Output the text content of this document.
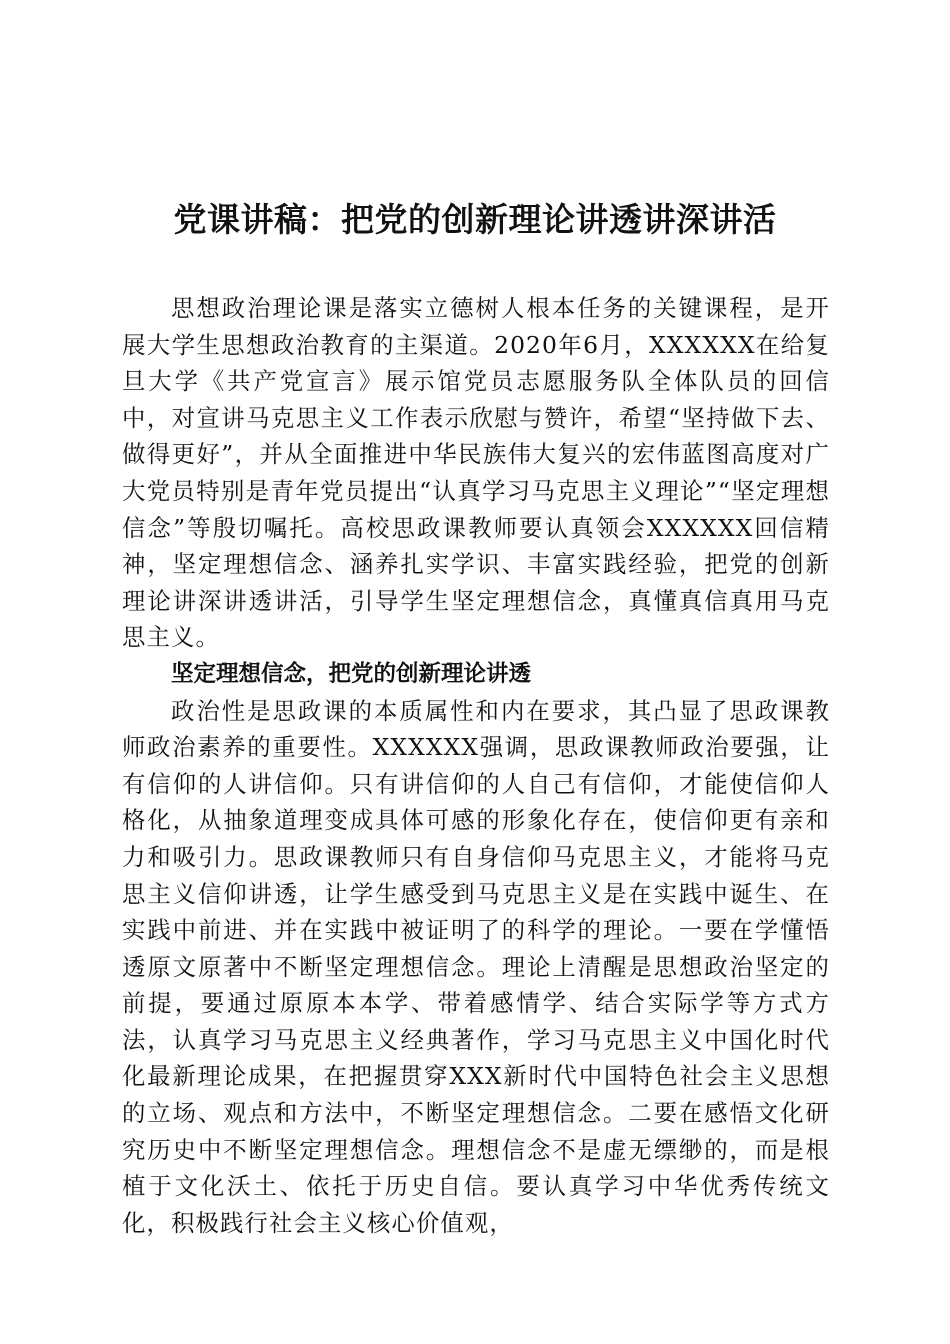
党课讲稿：把党的创新理论讲透讲深讲活

思想政治理论课是落实立德树人根本任务的关键课程，是开展大学生思想政治教育的主渠道。2020年6月，XXXXXX在给复旦大学《共产党宣言》展示馆党员志愿服务队全体队员的回信中，对宣讲马克思主义工作表示欣慰与赞许，希望“坚持做下去、做得更好”，并从全面推进中华民族伟大复兴的宏伟蓝图高度对广大党员特别是青年党员提出“认真学习马克思主义理论”“坚定理想信念”等殷切嘱托。高校思政课教师要认真领会XXXXXX回信精神，坚定理想信念、涵养扎实学识、丰富实践经验，把党的创新理论讲深讲透讲活，引导学生坚定理想信念，真懂真信真用马克思主义。

坚定理想信念，把党的创新理论讲透

政治性是思政课的本质属性和内在要求，其凸显了思政课教师政治素养的重要性。XXXXXX强调，思政课教师政治要强，让有信仰的人讲信仰。只有讲信仰的人自己有信仰，才能使信仰人格化，从抽象道理变成具体可感的形象化存在，使信仰更有亲和力和吸引力。思政课教师只有自身信仰马克思主义，才能将马克思主义信仰讲透，让学生感受到马克思主义是在实践中诞生、在实践中前进、并在实践中被证明了的科学的理论。一要在学懂悟透原文原著中不断坚定理想信念。理论上清醒是思想政治坚定的前提，要通过原原本本学、带着感情学、结合实际学等方式方法，认真学习马克思主义经典著作，学习马克思主义中国化时代化最新理论成果，在把握贯穿XXX新时代中国特色社会主义思想的立场、观点和方法中，不断坚定理想信念。二要在感悟文化研究历史中不断坚定理想信念。理想信念不是虚无缥缈的，而是根植于文化沃土、依托于历史自信。要认真学习中华优秀传统文化，积极践行社会主义核心价值观，
